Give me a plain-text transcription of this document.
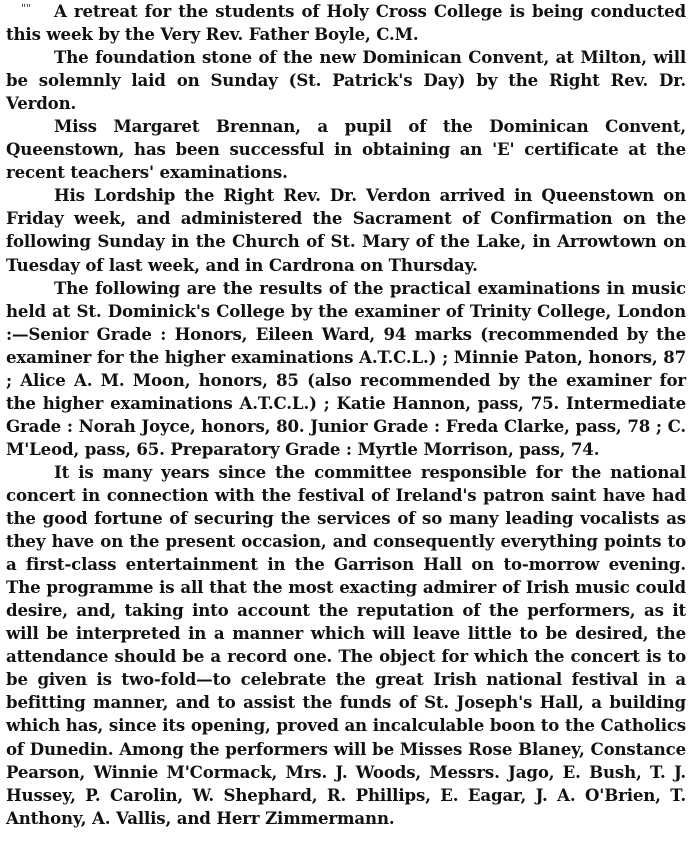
""	A retreat for the students of Holy Cross College is being conducted this week by the Very Rev. Father Boyle, C.M.

The foundation stone of the new Dominican Convent, at Milton, will be solemnly laid on Sunday (St. Patrick's Day) by the Right Rev. Dr. Verdon.

Miss Margaret Brennan, a pupil of the Dominican Convent, Queenstown, has been successful in obtaining an 'E' certificate at the recent teachers' examinations.

His Lordship the Right Rev. Dr. Verdon arrived in Queenstown on Friday week, and administered the Sacrament of Confirmation on the following Sunday in the Church of St. Mary of the Lake, in Arrowtown on Tuesday of last week, and in Cardrona on Thursday.

The following are the results of the practical examinations in music held at St. Dominick's College by the examiner of Trinity College, London :—Senior Grade : Honors, Eileen Ward, 94 marks (recommended by the examiner for the higher examinations A.T.C.L.) ; Minnie Paton, honors, 87 ; Alice A. M. Moon, honors, 85 (also recommended by the examiner for the higher examinations A.T.C.L.) ; Katie Hannon, pass, 75. Intermediate Grade : Norah Joyce, honors, 80. Junior Grade : Freda Clarke, pass, 78 ; C. M'Leod, pass, 65. Preparatory Grade : Myrtle Morrison, pass, 74.

It is many years since the committee responsible for the national concert in connection with the festival of Ireland's patron saint have had the good fortune of securing the services of so many leading vocalists as they have on the present occasion, and consequently everything points to a first-class entertainment in the Garrison Hall on to-morrow evening. The programme is all that the most exacting admirer of Irish music could desire, and, taking into account the reputation of the performers, as it will be interpreted in a manner which will leave little to be desired, the attendance should be a record one. The object for which the concert is to be given is two-fold—to celebrate the great Irish national festival in a befitting manner, and to assist the funds of St. Joseph's Hall, a building which has, since its opening, proved an incalculable boon to the Catholics of Dunedin. Among the performers will be Misses Rose Blaney, Constance Pearson, Winnie M'Cormack, Mrs. J. Woods, Messrs. Jago, E. Bush, T. J. Hussey, P. Carolin, W. Shephard, R. Phillips, E. Eagar, J. A. O'Brien, T. Anthony, A. Vallis, and Herr Zimmermann.
